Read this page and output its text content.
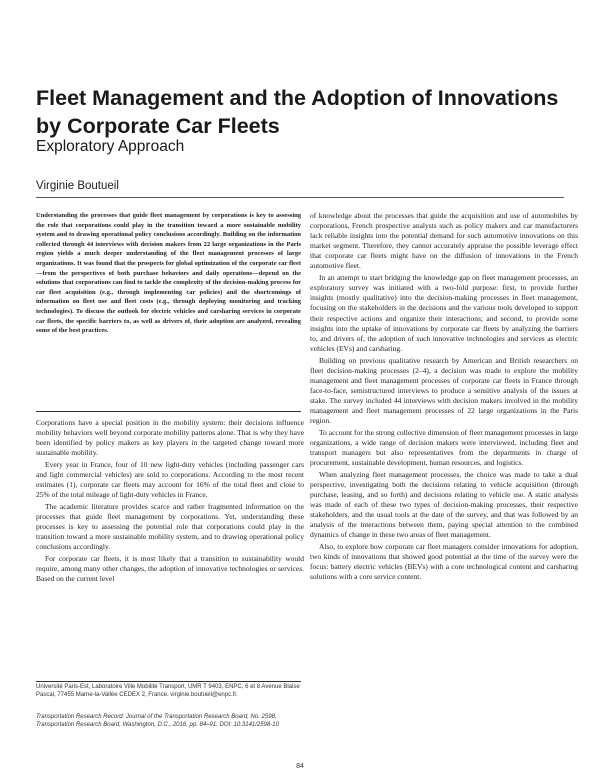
Fleet Management and the Adoption of Innovations by Corporate Car Fleets
Exploratory Approach
Virginie Boutueil

Understanding the processes that guide fleet management by corporations is key to assessing the role that corporations could play in the transition toward a more sustainable mobility system and to drawing operational policy conclusions accordingly. Building on the information collected through 44 interviews with decision makers from 22 large organizations in the Paris region yields a much deeper understanding of the fleet management processes of large organizations. It was found that the prospects for global optimization of the corporate car fleet—from the perspectives of both purchase behaviors and daily operations—depend on the solutions that corporations can find to tackle the complexity of the decision-making process for car fleet acquisition (e.g., through implementing car policies) and the shortcomings of information on fleet use and fleet costs (e.g., through deploying monitoring and tracking technologies). To discuss the outlook for electric vehicles and carsharing services in corporate car fleets, the specific barriers to, as well as drivers of, their adoption are analyzed, revealing some of the best practices.

Corporations have a special position in the mobility system: their decisions influence mobility behaviors well beyond corporate mobility patterns alone. That is why they have been identified by policy makers as key players in the targeted change toward more sustainable mobility.

Every year in France, four of 10 new light-duty vehicles (including passenger cars and light commercial vehicles) are sold to corporations. According to the most recent estimates (1), corporate car fleets may account for 16% of the total fleet and close to 25% of the total mileage of light-duty vehicles in France.

The academic literature provides scarce and rather fragmented information on the processes that guide fleet management by corporations. Yet, understanding these processes is key to assessing the potential role that corporations could play in the transition toward a more sustainable mobility system, and to drawing operational policy conclusions accordingly.

For corporate car fleets, it is most likely that a transition to sustainability would require, among many other changes, the adoption of innovative technologies or services. Based on the current level

of knowledge about the processes that guide the acquisition and use of automobiles by corporations, French prospective analysts such as policy makers and car manufacturers lack reliable insights into the potential demand for such automotive innovations on this market segment. Therefore, they cannot accurately appraise the possible leverage effect that corporate car fleets might have on the diffusion of innovations in the French automotive fleet.

In an attempt to start bridging the knowledge gap on fleet management processes, an exploratory survey was initiated with a two-fold purpose: first, to provide further insights (mostly qualitative) into the decision-making processes in fleet management, focusing on the stakeholders in the decisions and the various tools developed to support their respective actions and organize their interactions; and second, to provide some insights into the uptake of innovations by corporate car fleets by analyzing the barriers to, and drivers of, the adoption of such innovative technologies and services as electric vehicles (EVs) and carsharing.

Building on previous qualitative research by American and British researchers on fleet decision-making processes (2–4), a decision was made to explore the mobility management and fleet management processes of corporate car fleets in France through face-to-face, semistructured interviews to produce a sensitive analysis of the issues at stake. The survey included 44 interviews with decision makers involved in the mobility management and fleet management processes of 22 large organizations in the Paris region.

To account for the strong collective dimension of fleet management processes in large organizations, a wide range of decision makers were interviewed, including fleet and transport managers but also representatives from the departments in charge of procurement, sustainable development, human resources, and logistics.

When analyzing fleet management processes, the choice was made to take a dual perspective, investigating both the decisions relating to vehicle acquisition (through purchase, leasing, and so forth) and decisions relating to vehicle use. A static analysis was made of each of these two types of decision-making processes, their respective stakeholders, and the usual tools at the date of the survey, and that was followed by an analysis of the interactions between them, paying special attention to the combined dynamics of change in these two areas of fleet management.

Also, to explore how corporate car fleet managers consider innovations for adoption, two kinds of innovations that showed good potential at the time of the survey were the focus: battery electric vehicles (BEVs) with a core technological content and carsharing solutions with a core service content.

Université Paris-Est, Laboratoire Ville Mobilité Transport, UMR T 9403, ENPC, 6 et 8 Avenue Blaise Pascal, 77455 Marne-la-Vallée CEDEX 2, France. virginie.boutueil@enpc.fr.
Transportation Research Record: Journal of the Transportation Research Board, No. 2598, Transportation Research Board, Washington, D.C., 2016, pp. 84–91. DOI: 10.3141/2598-10
84
